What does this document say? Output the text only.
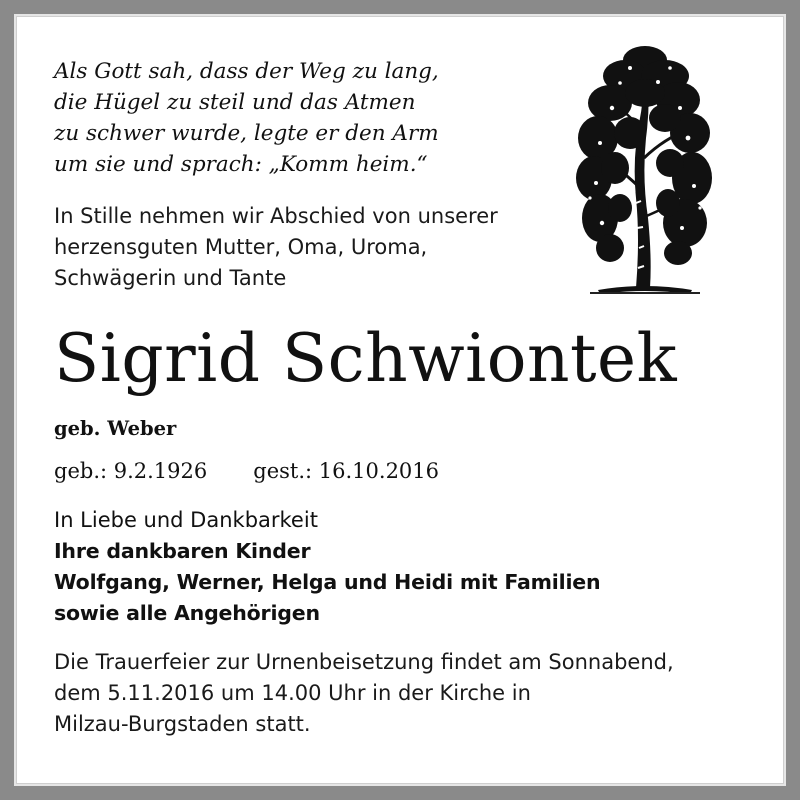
Als Gott sah, dass der Weg zu lang,
die Hügel zu steil und das Atmen
zu schwer wurde, legte er den Arm
um sie und sprach: „Komm heim.“
In Stille nehmen wir Abschied von unserer
herzensguten Mutter, Oma, Uroma,
Schwägerin und Tante
Sigrid Schwiontek
geb. Weber
geb.: 9.2.1926 gest.: 16.10.2016
In Liebe und Dankbarkeit
Ihre dankbaren Kinder
Wolfgang, Werner, Helga und Heidi mit Familien
sowie alle Angehörigen
Die Trauerfeier zur Urnenbeisetzung findet am Sonnabend,
dem 5.11.2016 um 14.00 Uhr in der Kirche in
Milzau-Burgstaden statt.
